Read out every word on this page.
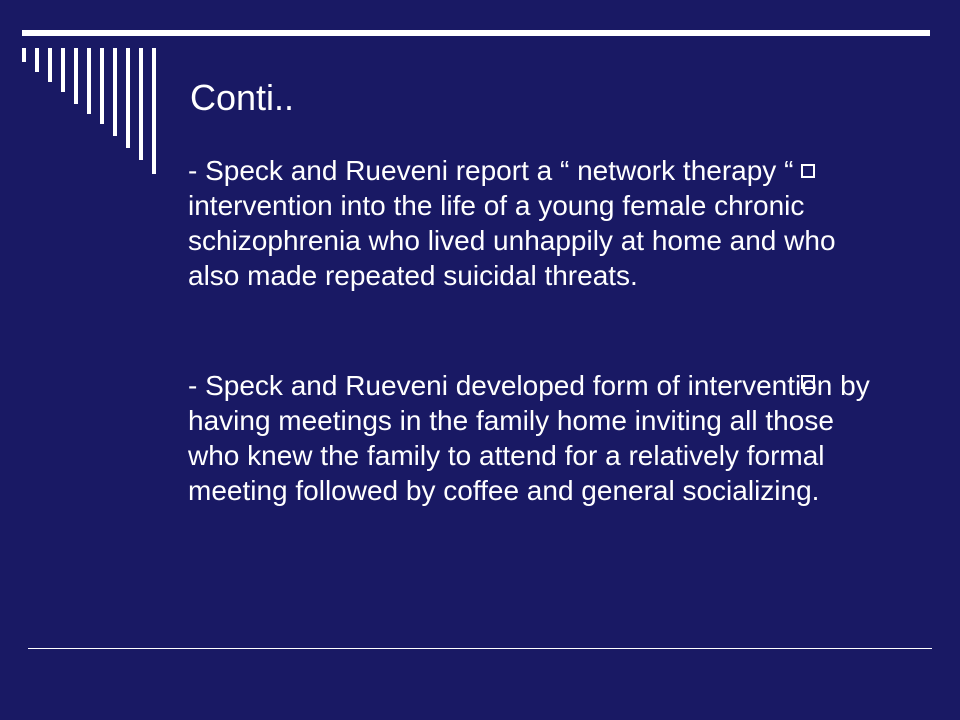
Conti..

- Speck and Rueveni report a “ network therapy “ intervention into the life of a young female chronic schizophrenia who lived unhappily at home and who also made repeated suicidal threats.

- Speck and Rueveni developed form of intervention by having meetings in the family home inviting all those who knew the family to attend for a relatively formal meeting followed by coffee and general socializing.
